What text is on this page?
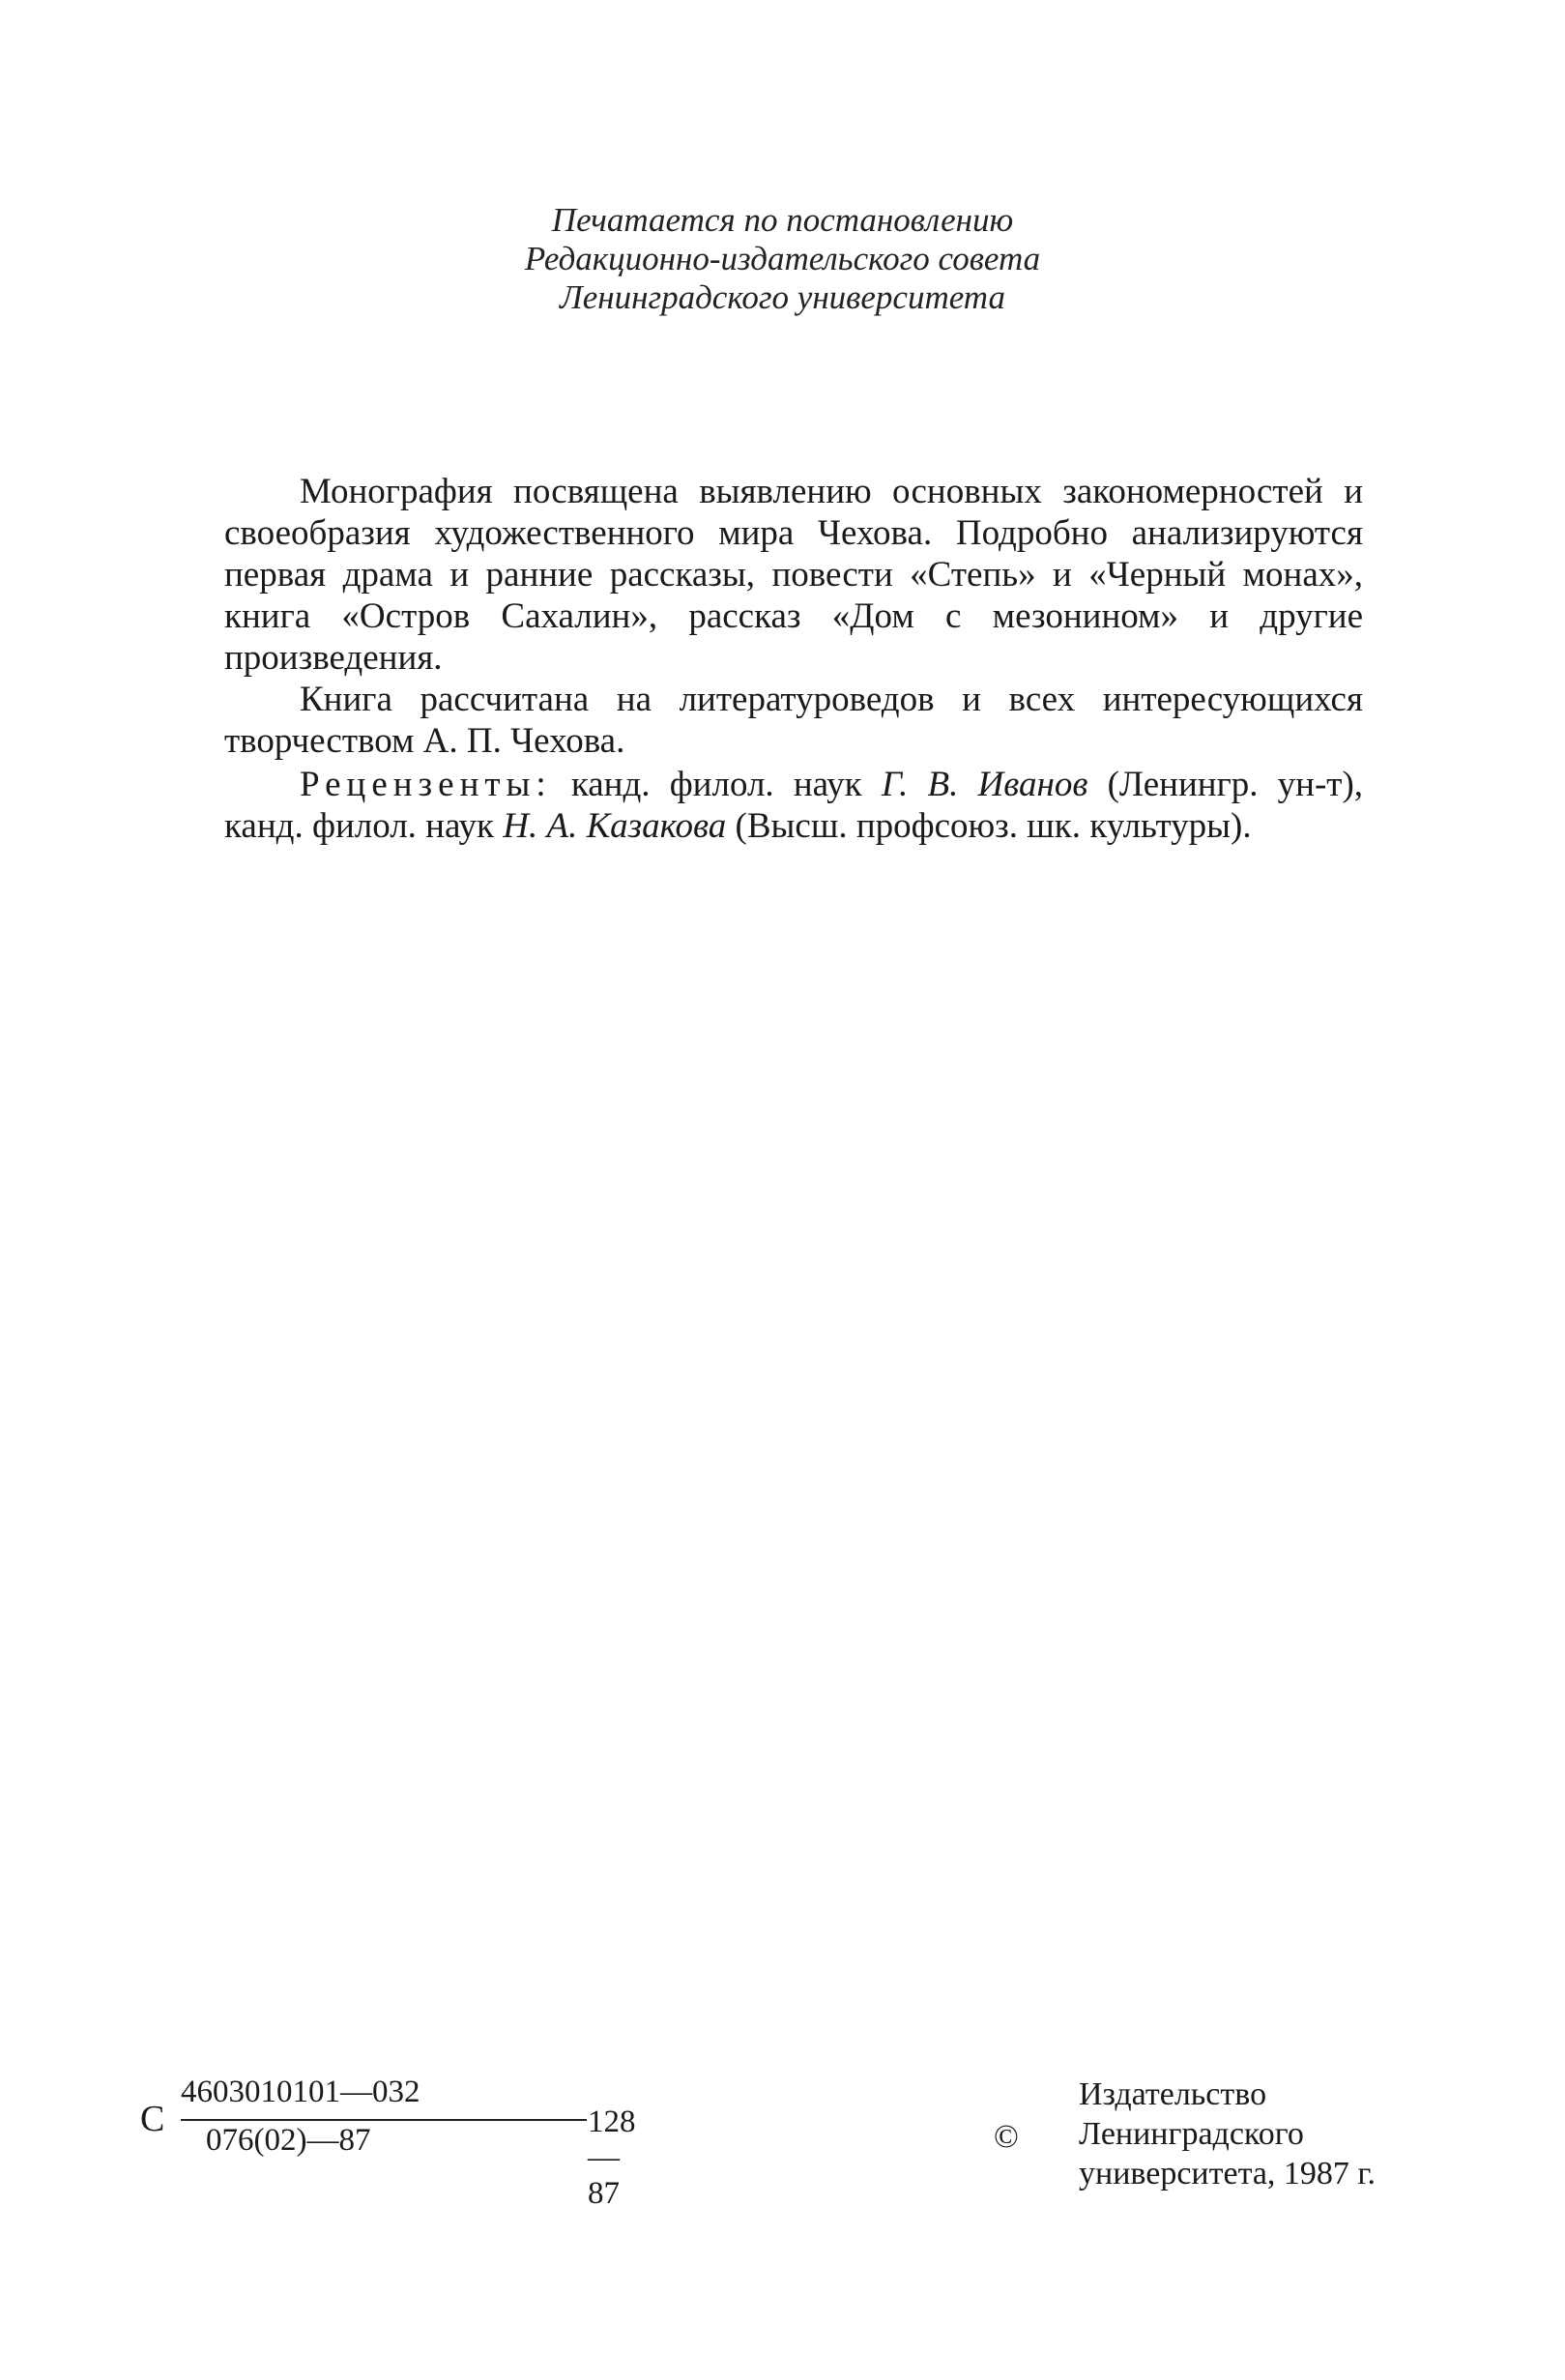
Печатается по постановлению
Редакционно-издательского совета
Ленинградского университета

Монография посвящена выявлению основных закономерностей и своеобразия художественного мира Чехова. Подробно анализируются первая драма и ранние рассказы, повести «Степь» и «Черный монах», книга «Остров Сахалин», рассказ «Дом с мезонином» и другие произведения.

Книга рассчитана на литературоведов и всех интересующихся творчеством А. П. Чехова.

Рецензенты: канд. филол. наук Г. В. Иванов (Ленингр. ун-т), канд. филол. наук Н. А. Казакова (Высш. профсоюз. шк. культуры).

С
4603010101—032
076(02)—87
128—87
©
Издательство
Ленинградского
университета, 1987 г.
